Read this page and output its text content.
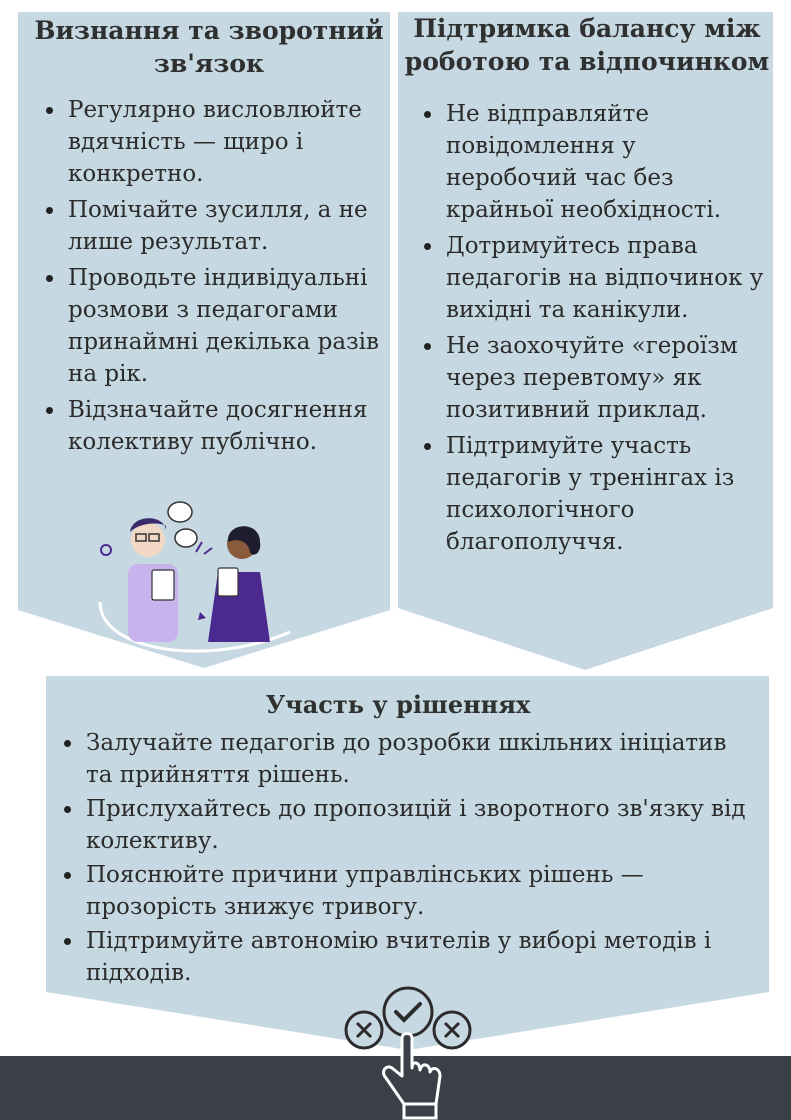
Визнання та зворотний зв'язок
Регулярно висловлюйте вдячність — щиро і конкретно.
Помічайте зусилля, а не лише результат.
Проводьте індивідуальні розмови з педагогами принаймні декілька разів на рік.
Відзначайте досягнення колективу публічно.
Підтримка балансу між роботою та відпочинком
Не відправляйте повідомлення у неробочий час без крайньої необхідності.
Дотримуйтесь права педагогів на відпочинок у вихідні та канікули.
Не заохочуйте «героїзм через перевтому» як позитивний приклад.
Підтримуйте участь педагогів у тренінгах із психологічного благополуччя.
Участь у рішеннях
Залучайте педагогів до розробки шкільних ініціатив та прийняття рішень.
Прислухайтесь до пропозицій і зворотного зв'язку від колективу.
Пояснюйте причини управлінських рішень — прозорість знижує тривогу.
Підтримуйте автономію вчителів у виборі методів і підходів.
